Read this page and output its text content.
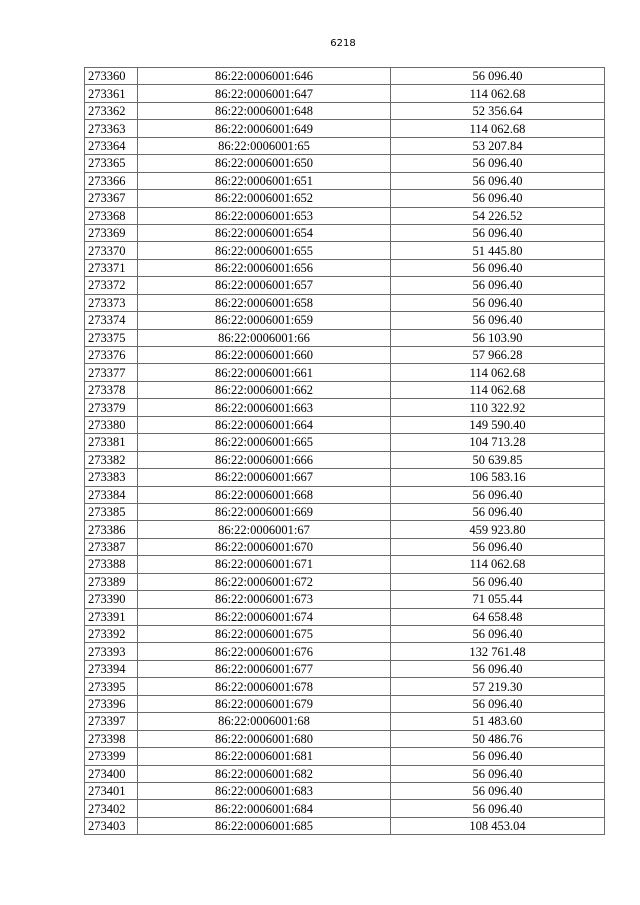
6218
273360	86:22:0006001:646	56 096.40
273361	86:22:0006001:647	114 062.68
273362	86:22:0006001:648	52 356.64
273363	86:22:0006001:649	114 062.68
273364	86:22:0006001:65	53 207.84
273365	86:22:0006001:650	56 096.40
273366	86:22:0006001:651	56 096.40
273367	86:22:0006001:652	56 096.40
273368	86:22:0006001:653	54 226.52
273369	86:22:0006001:654	56 096.40
273370	86:22:0006001:655	51 445.80
273371	86:22:0006001:656	56 096.40
273372	86:22:0006001:657	56 096.40
273373	86:22:0006001:658	56 096.40
273374	86:22:0006001:659	56 096.40
273375	86:22:0006001:66	56 103.90
273376	86:22:0006001:660	57 966.28
273377	86:22:0006001:661	114 062.68
273378	86:22:0006001:662	114 062.68
273379	86:22:0006001:663	110 322.92
273380	86:22:0006001:664	149 590.40
273381	86:22:0006001:665	104 713.28
273382	86:22:0006001:666	50 639.85
273383	86:22:0006001:667	106 583.16
273384	86:22:0006001:668	56 096.40
273385	86:22:0006001:669	56 096.40
273386	86:22:0006001:67	459 923.80
273387	86:22:0006001:670	56 096.40
273388	86:22:0006001:671	114 062.68
273389	86:22:0006001:672	56 096.40
273390	86:22:0006001:673	71 055.44
273391	86:22:0006001:674	64 658.48
273392	86:22:0006001:675	56 096.40
273393	86:22:0006001:676	132 761.48
273394	86:22:0006001:677	56 096.40
273395	86:22:0006001:678	57 219.30
273396	86:22:0006001:679	56 096.40
273397	86:22:0006001:68	51 483.60
273398	86:22:0006001:680	50 486.76
273399	86:22:0006001:681	56 096.40
273400	86:22:0006001:682	56 096.40
273401	86:22:0006001:683	56 096.40
273402	86:22:0006001:684	56 096.40
273403	86:22:0006001:685	108 453.04
